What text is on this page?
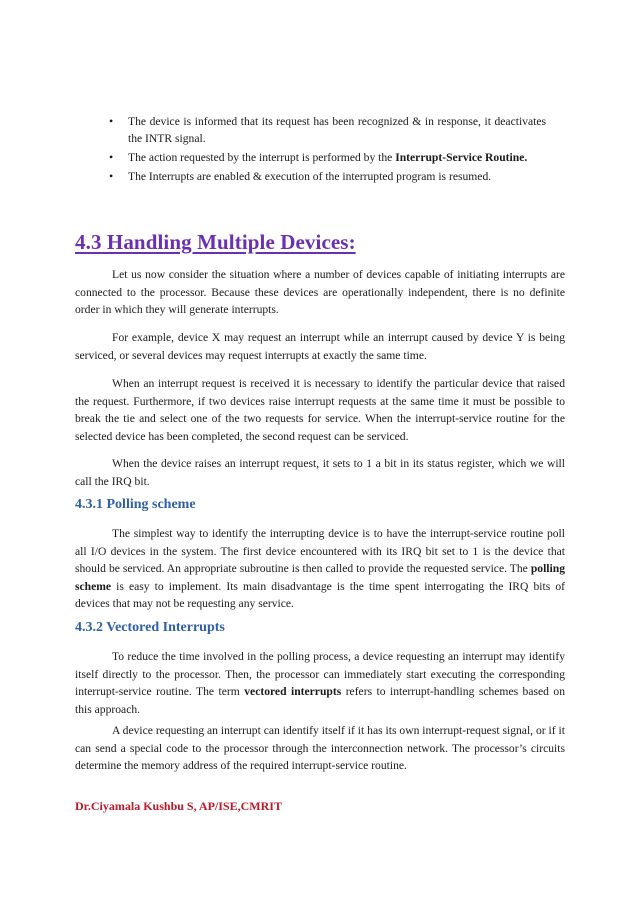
• The device is informed that its request has been recognized & in response, it deactivates the INTR signal.
• The action requested by the interrupt is performed by the Interrupt-Service Routine.
• The Interrupts are enabled & execution of the interrupted program is resumed.
4.3 Handling Multiple Devices:

Let us now consider the situation where a number of devices capable of initiating interrupts are connected to the processor. Because these devices are operationally independent, there is no definite order in which they will generate interrupts.

For example, device X may request an interrupt while an interrupt caused by device Y is being serviced, or several devices may request interrupts at exactly the same time.

When an interrupt request is received it is necessary to identify the particular device that raised the request. Furthermore, if two devices raise interrupt requests at the same time it must be possible to break the tie and select one of the two requests for service. When the interrupt-service routine for the selected device has been completed, the second request can be serviced.

When the device raises an interrupt request, it sets to 1 a bit in its status register, which we will call the IRQ bit.

4.3.1 Polling scheme

The simplest way to identify the interrupting device is to have the interrupt-service routine poll all I/O devices in the system. The first device encountered with its IRQ bit set to 1 is the device that should be serviced. An appropriate subroutine is then called to provide the requested service. The polling scheme is easy to implement. Its main disadvantage is the time spent interrogating the IRQ bits of devices that may not be requesting any service.

4.3.2 Vectored Interrupts

To reduce the time involved in the polling process, a device requesting an interrupt may identify itself directly to the processor. Then, the processor can immediately start executing the corresponding interrupt-service routine. The term vectored interrupts refers to interrupt-handling schemes based on this approach.

A device requesting an interrupt can identify itself if it has its own interrupt-request signal, or if it can send a special code to the processor through the interconnection network. The processor’s circuits determine the memory address of the required interrupt-service routine.

Dr.Ciyamala Kushbu S, AP/ISE,CMRIT
